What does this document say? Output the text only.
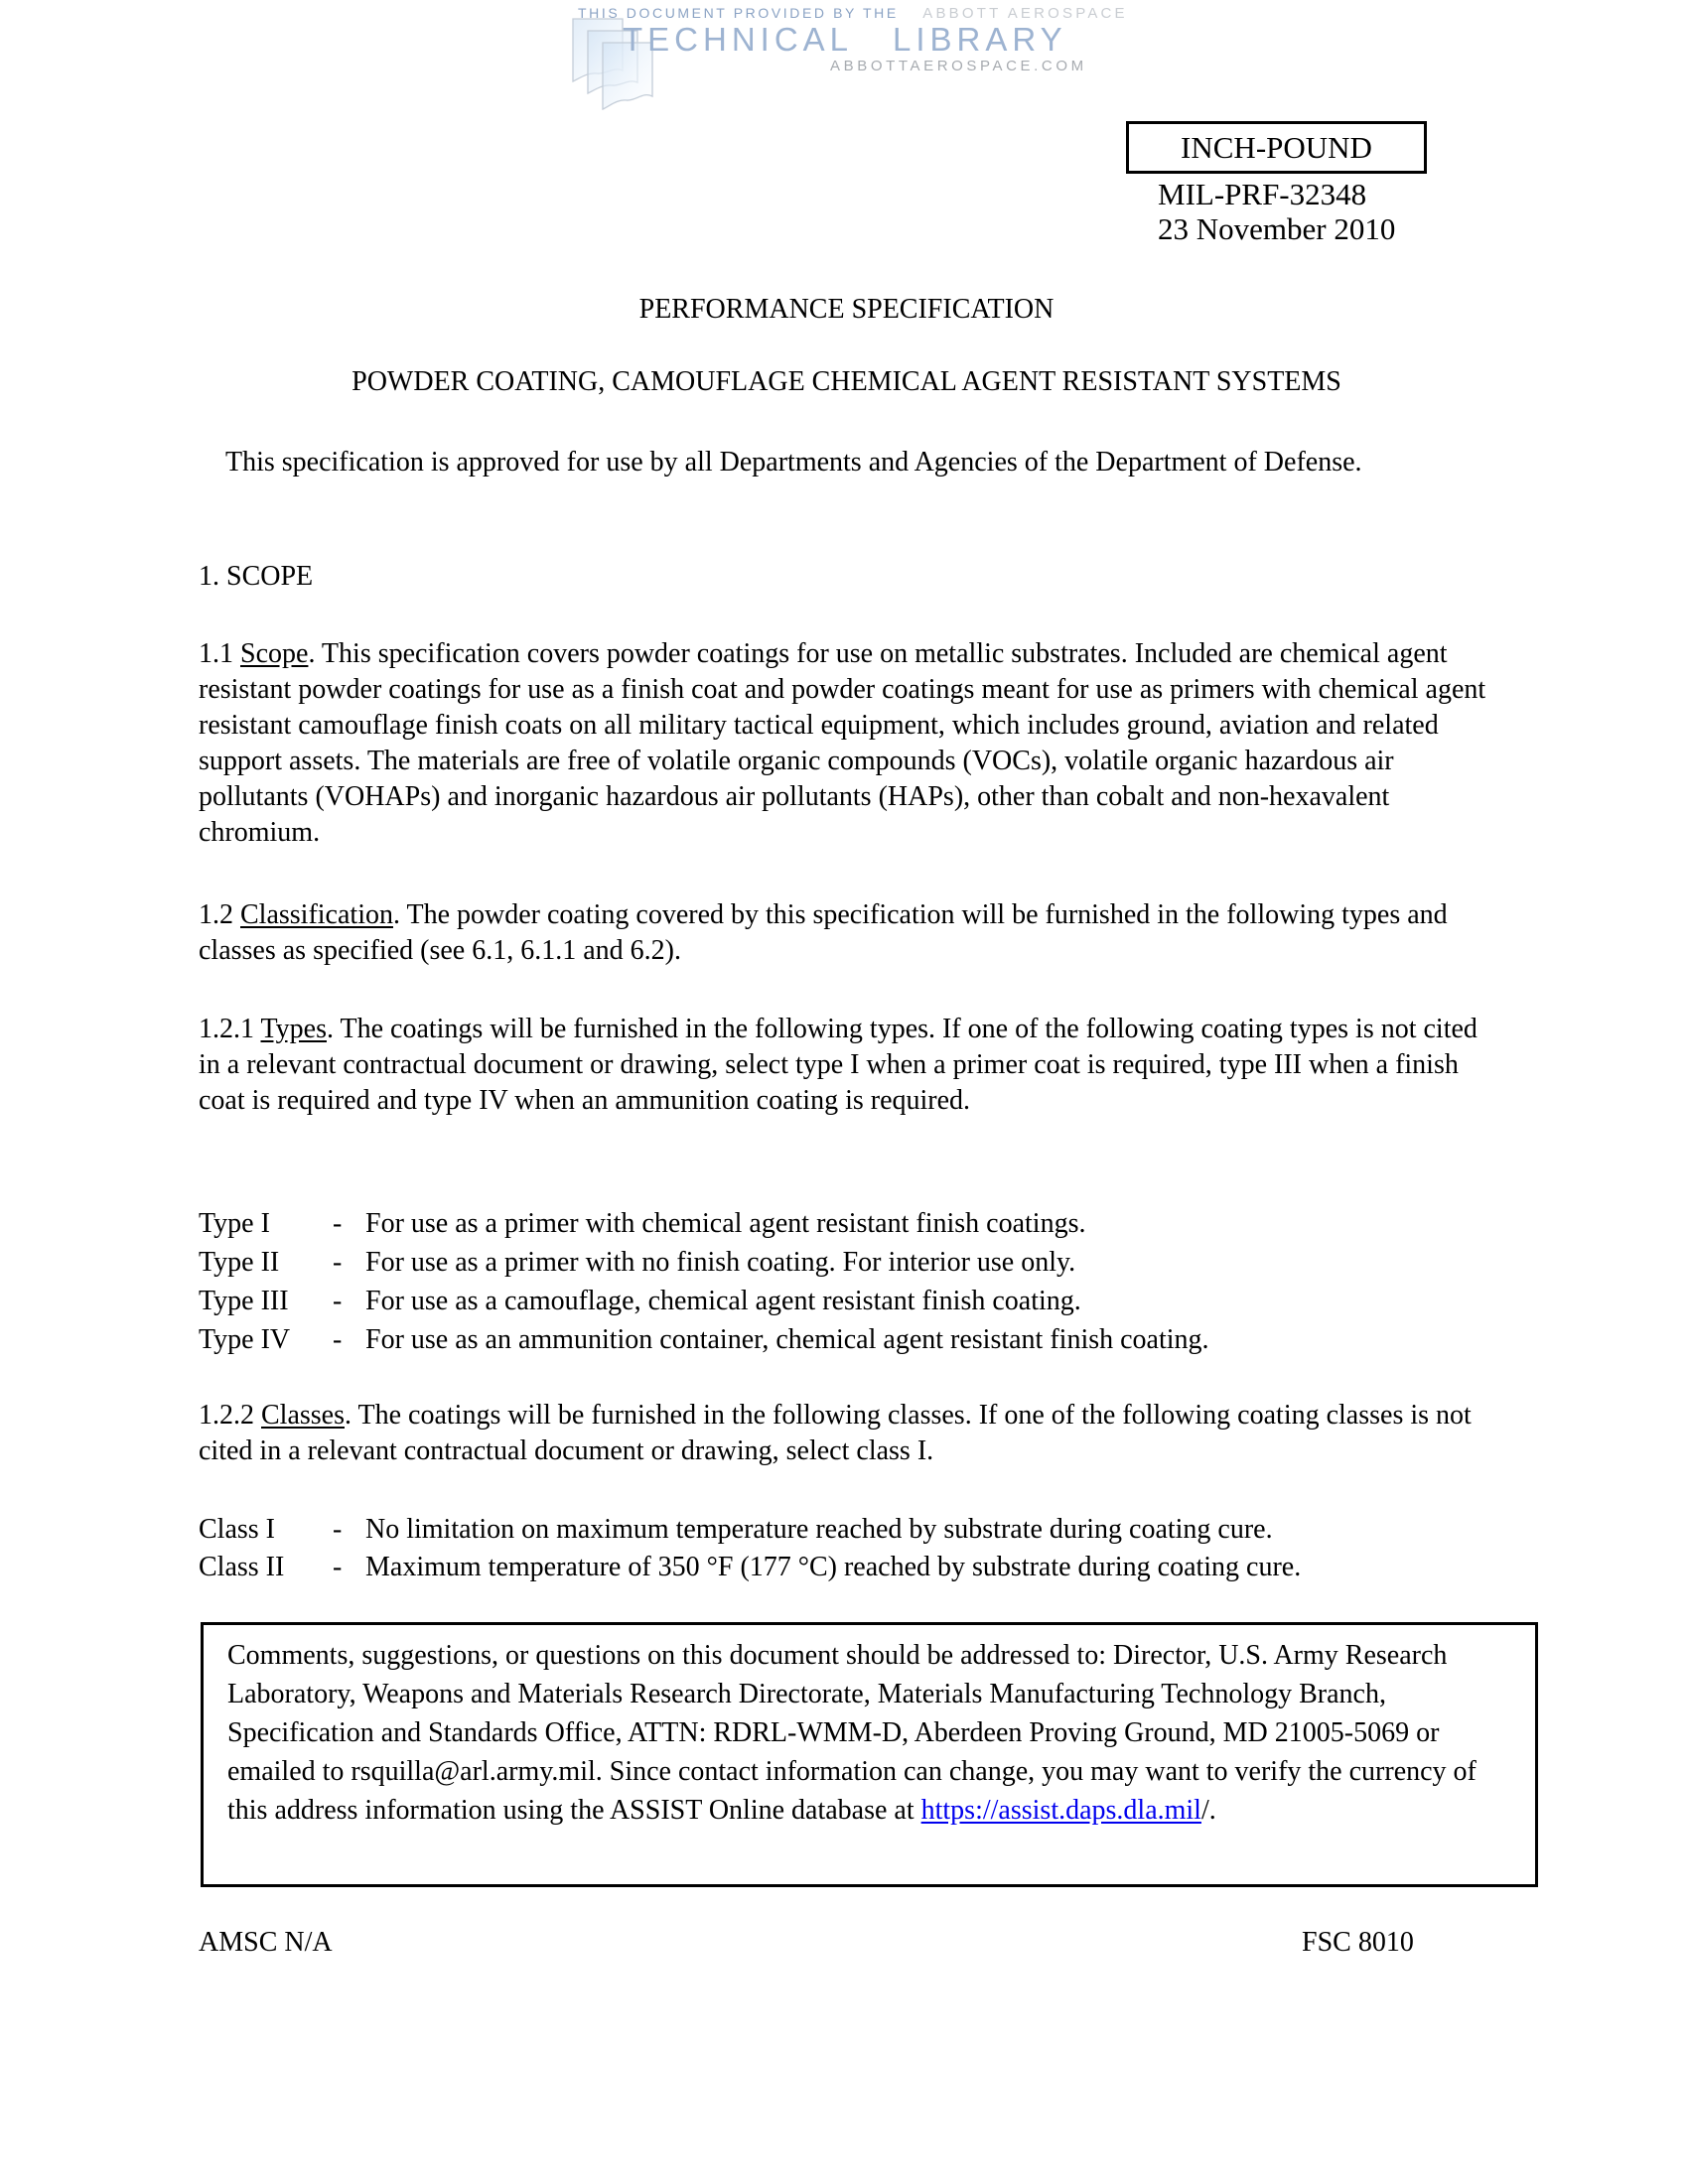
THIS DOCUMENT PROVIDED BY THE ABBOTT AEROSPACE
TECHNICAL LIBRARY
ABBOTTAEROSPACE.COM
INCH-POUND
MIL-PRF-32348
23 November 2010
PERFORMANCE SPECIFICATION
POWDER COATING, CAMOUFLAGE CHEMICAL AGENT RESISTANT SYSTEMS
This specification is approved for use by all Departments and Agencies of the Department of Defense.
1. SCOPE
1.1 Scope. This specification covers powder coatings for use on metallic substrates. Included are chemical agent resistant powder coatings for use as a finish coat and powder coatings meant for use as primers with chemical agent resistant camouflage finish coats on all military tactical equipment, which includes ground, aviation and related support assets. The materials are free of volatile organic compounds (VOCs), volatile organic hazardous air pollutants (VOHAPs) and inorganic hazardous air pollutants (HAPs), other than cobalt and non-hexavalent chromium.
1.2 Classification. The powder coating covered by this specification will be furnished in the following types and classes as specified (see 6.1, 6.1.1 and 6.2).
1.2.1 Types. The coatings will be furnished in the following types. If one of the following coating types is not cited in a relevant contractual document or drawing, select type I when a primer coat is required, type III when a finish coat is required and type IV when an ammunition coating is required.
Type I	- For use as a primer with chemical agent resistant finish coatings.
Type II	- For use as a primer with no finish coating. For interior use only.
Type III	- For use as a camouflage, chemical agent resistant finish coating.
Type IV	- For use as an ammunition container, chemical agent resistant finish coating.
1.2.2 Classes. The coatings will be furnished in the following classes. If one of the following coating classes is not cited in a relevant contractual document or drawing, select class I.
Class I	- No limitation on maximum temperature reached by substrate during coating cure.
Class II	- Maximum temperature of 350 °F (177 °C) reached by substrate during coating cure.
Comments, suggestions, or questions on this document should be addressed to: Director, U.S. Army Research Laboratory, Weapons and Materials Research Directorate, Materials Manufacturing Technology Branch, Specification and Standards Office, ATTN: RDRL-WMM-D, Aberdeen Proving Ground, MD 21005-5069 or emailed to rsquilla@arl.army.mil. Since contact information can change, you may want to verify the currency of this address information using the ASSIST Online database at https://assist.daps.dla.mil/.
AMSC N/A	FSC 8010
